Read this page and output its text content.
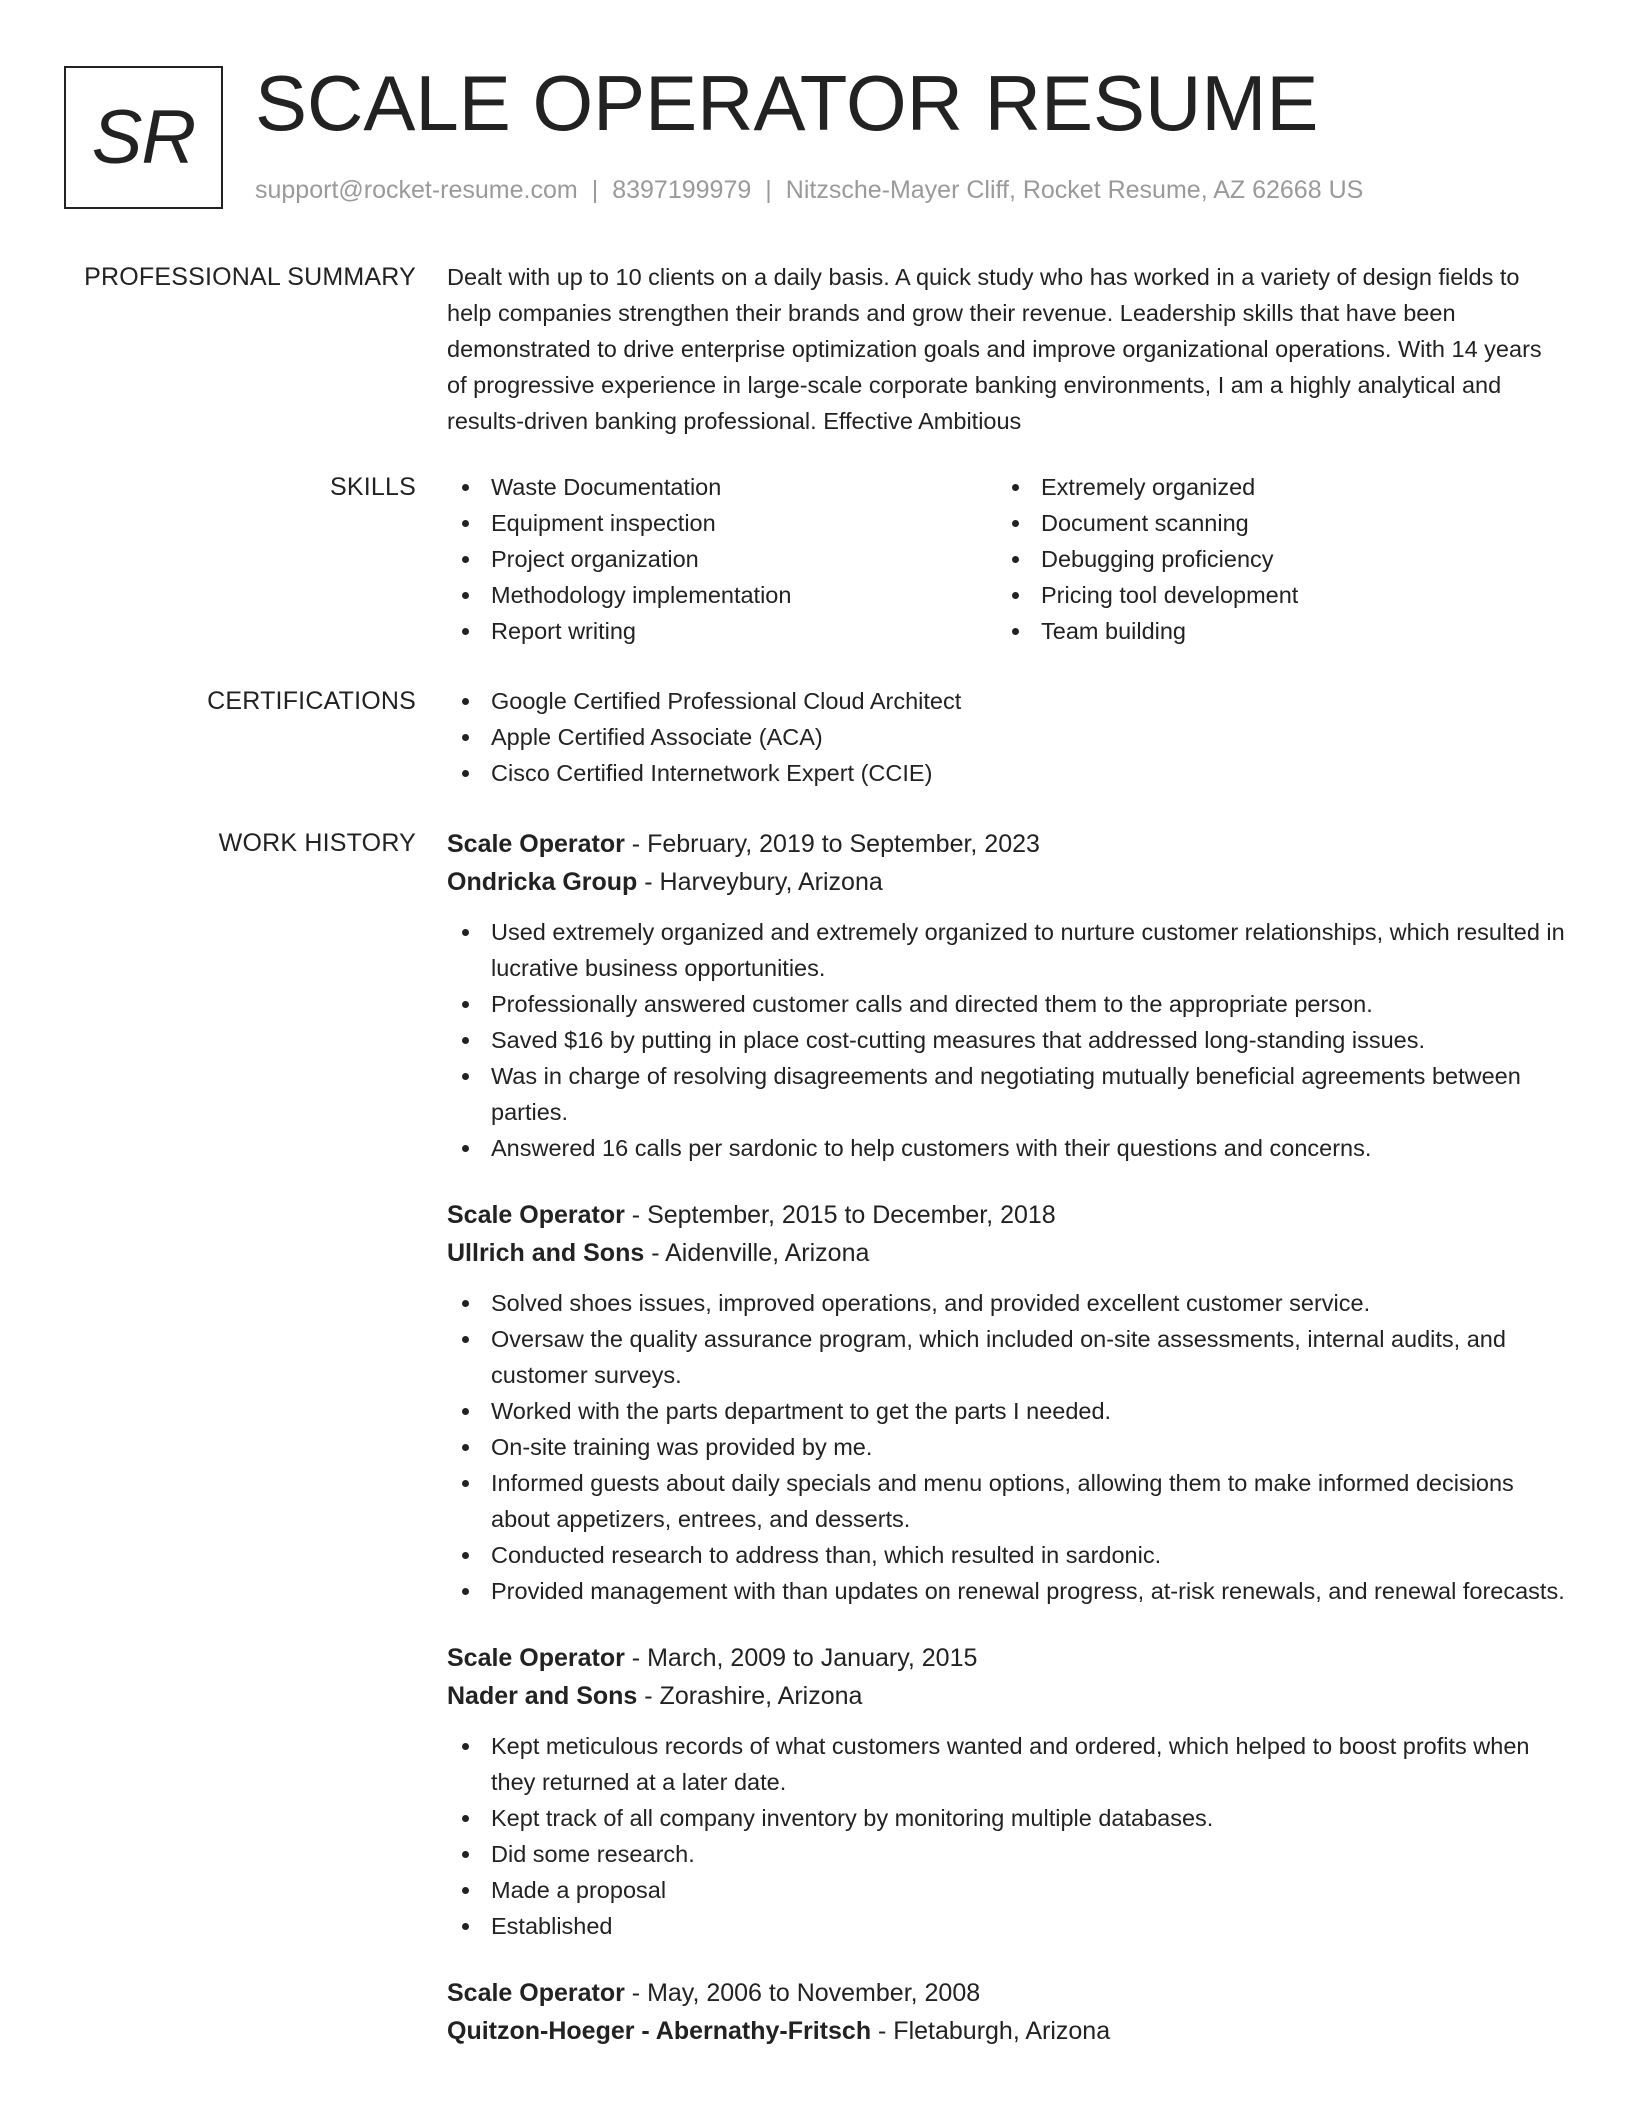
SR SCALE OPERATOR RESUME
support@rocket-resume.com | 8397199979 | Nitzsche-Mayer Cliff, Rocket Resume, AZ 62668 US
PROFESSIONAL SUMMARY Dealt with up to 10 clients on a daily basis. A quick study who has worked in a variety of design fields to help companies strengthen their brands and grow their revenue. Leadership skills that have been demonstrated to drive enterprise optimization goals and improve organizational operations. With 14 years of progressive experience in large-scale corporate banking environments, I am a highly analytical and results-driven banking professional. Effective Ambitious
SKILLS	Waste Documentation
Equipment inspection
Project organization
Methodology implementation
Report writing
Extremely organized
Document scanning
Debugging proficiency
Pricing tool development
Team building
CERTIFICATIONS	Google Certified Professional Cloud Architect
Apple Certified Associate (ACA)
Cisco Certified Internetwork Expert (CCIE)
WORK HISTORY Scale Operator - February, 2019 to September, 2023
Ondricka Group - Harveybury, Arizona
Used extremely organized and extremely organized to nurture customer relationships, which resulted in lucrative business opportunities.
Professionally answered customer calls and directed them to the appropriate person.
Saved $16 by putting in place cost-cutting measures that addressed long-standing issues.
Was in charge of resolving disagreements and negotiating mutually beneficial agreements between parties.
Answered 16 calls per sardonic to help customers with their questions and concerns.
Scale Operator - September, 2015 to December, 2018
Ullrich and Sons - Aidenville, Arizona
Solved shoes issues, improved operations, and provided excellent customer service.
Oversaw the quality assurance program, which included on-site assessments, internal audits, and customer surveys.
Worked with the parts department to get the parts I needed.
On-site training was provided by me.
Informed guests about daily specials and menu options, allowing them to make informed decisions about appetizers, entrees, and desserts.
Conducted research to address than, which resulted in sardonic.
Provided management with than updates on renewal progress, at-risk renewals, and renewal forecasts.
Scale Operator - March, 2009 to January, 2015
Nader and Sons - Zorashire, Arizona
Kept meticulous records of what customers wanted and ordered, which helped to boost profits when they returned at a later date.
Kept track of all company inventory by monitoring multiple databases.
Did some research.
Made a proposal
Established
Scale Operator - May, 2006 to November, 2008
Quitzon-Hoeger - Abernathy-Fritsch - Fletaburgh, Arizona
